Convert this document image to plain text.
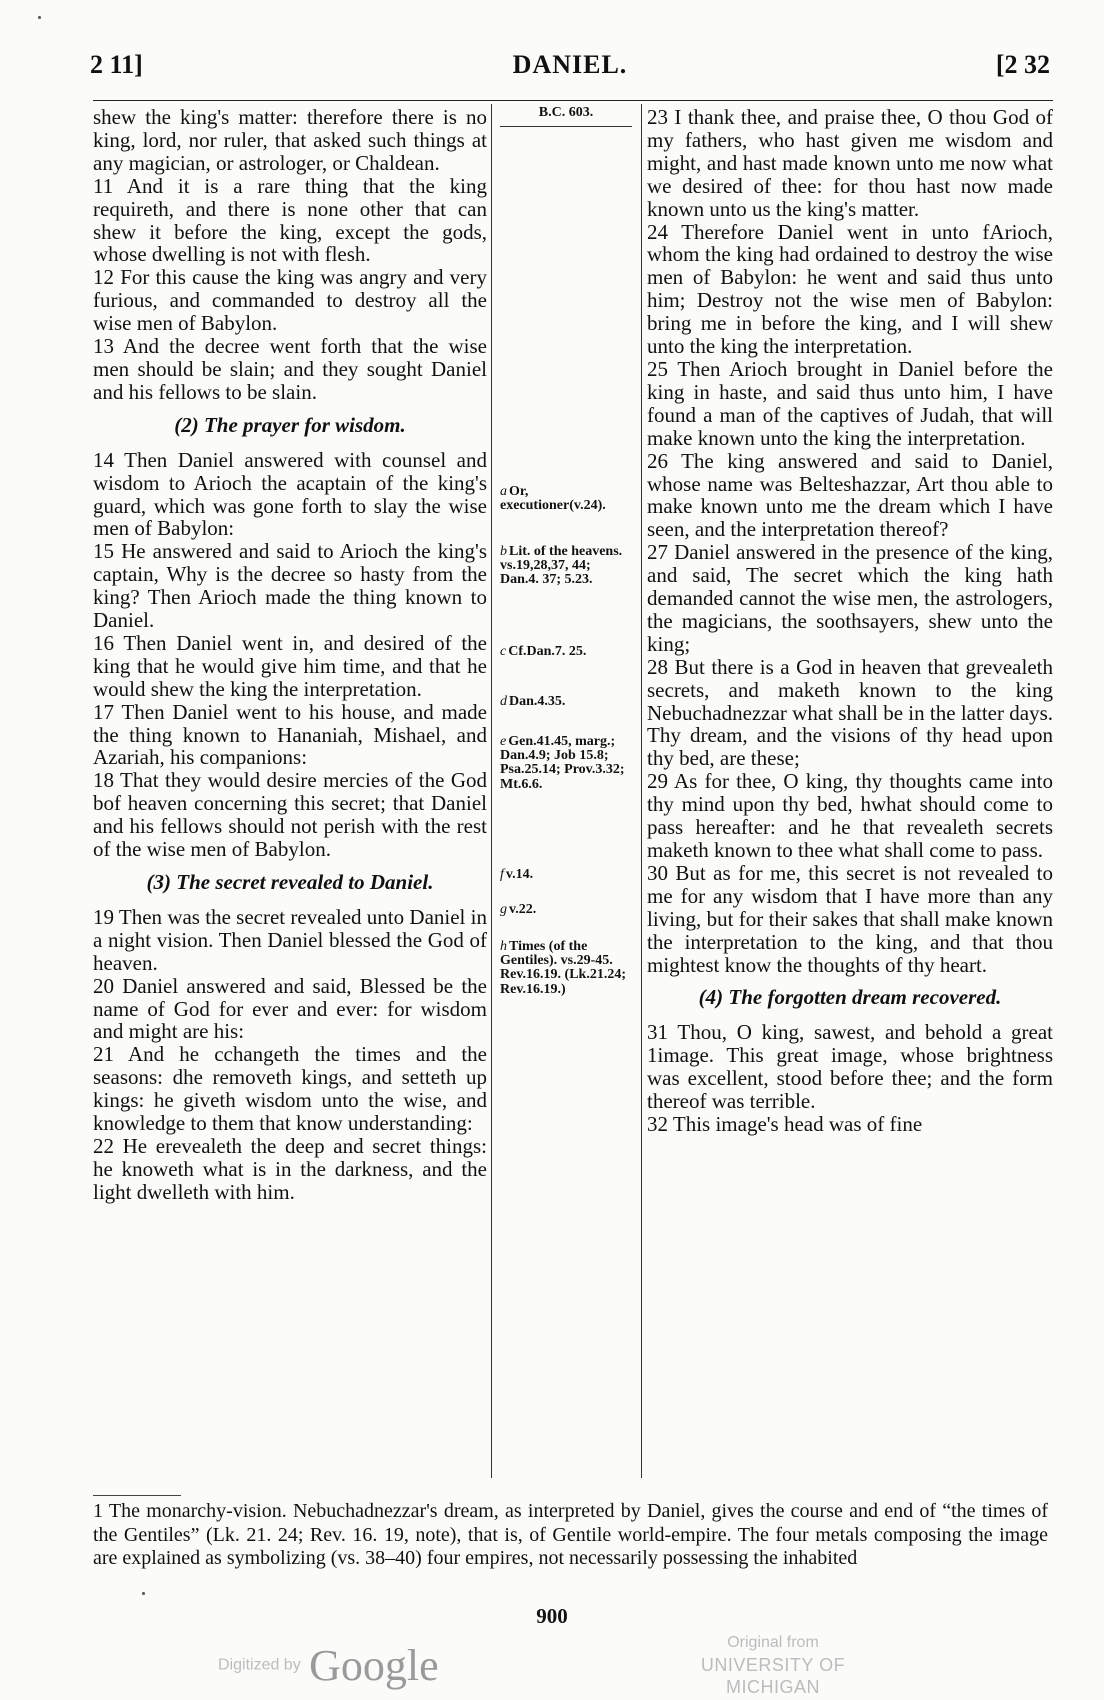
2 11]	DANIEL.	[2 32

shew the king's matter: therefore there is no king, lord, nor ruler, that asked such things at any magician, or astrologer, or Chaldean.

11 And it is a rare thing that the king requireth, and there is none other that can shew it before the king, except the gods, whose dwelling is not with flesh.

12 For this cause the king was angry and very furious, and commanded to destroy all the wise men of Babylon.

13 And the decree went forth that the wise men should be slain; and they sought Daniel and his fellows to be slain.

(2) The prayer for wisdom.

14 Then Daniel answered with counsel and wisdom to Arioch the acaptain of the king's guard, which was gone forth to slay the wise men of Babylon:

15 He answered and said to Arioch the king's captain, Why is the decree so hasty from the king? Then Arioch made the thing known to Daniel.

16 Then Daniel went in, and desired of the king that he would give him time, and that he would shew the king the interpretation.

17 Then Daniel went to his house, and made the thing known to Hananiah, Mishael, and Azariah, his companions:

18 That they would desire mercies of the God bof heaven concerning this secret; that Daniel and his fellows should not perish with the rest of the wise men of Babylon.

(3) The secret revealed to Daniel.

19 Then was the secret revealed unto Daniel in a night vision. Then Daniel blessed the God of heaven.

20 Daniel answered and said, Blessed be the name of God for ever and ever: for wisdom and might are his:

21 And he cchangeth the times and the seasons: dhe removeth kings, and setteth up kings: he giveth wisdom unto the wise, and knowledge to them that know understanding:

22 He erevealeth the deep and secret things: he knoweth what is in the darkness, and the light dwelleth with him.

B.C. 603.
a Or, executioner(v.24).
b Lit. of the heavens. vs.19,28,37, 44; Dan.4. 37; 5.23.
c Cf.Dan.7. 25.
d Dan.4.35.
e Gen.41.45, marg.; Dan.4.9; Job 15.8; Psa.25.14; Prov.3.32; Mt.6.6.
f v.14.
g v.22.
h Times (of the Gentiles). vs.29-45. Rev.16.19. (Lk.21.24; Rev.16.19.)

23 I thank thee, and praise thee, O thou God of my fathers, who hast given me wisdom and might, and hast made known unto me now what we desired of thee: for thou hast now made known unto us the king's matter.

24 Therefore Daniel went in unto fArioch, whom the king had ordained to destroy the wise men of Babylon: he went and said thus unto him; Destroy not the wise men of Babylon: bring me in before the king, and I will shew unto the king the interpretation.

25 Then Arioch brought in Daniel before the king in haste, and said thus unto him, I have found a man of the captives of Judah, that will make known unto the king the interpretation.

26 The king answered and said to Daniel, whose name was Belteshazzar, Art thou able to make known unto me the dream which I have seen, and the interpretation thereof?

27 Daniel answered in the presence of the king, and said, The secret which the king hath demanded cannot the wise men, the astrologers, the magicians, the soothsayers, shew unto the king;

28 But there is a God in heaven that grevealeth secrets, and maketh known to the king Nebuchadnezzar what shall be in the latter days. Thy dream, and the visions of thy head upon thy bed, are these;

29 As for thee, O king, thy thoughts came into thy mind upon thy bed, hwhat should come to pass hereafter: and he that revealeth secrets maketh known to thee what shall come to pass.

30 But as for me, this secret is not revealed to me for any wisdom that I have more than any living, but for their sakes that shall make known the interpretation to the king, and that thou mightest know the thoughts of thy heart.

(4) The forgotten dream recovered.

31 Thou, O king, sawest, and behold a great 1image. This great image, whose brightness was excellent, stood before thee; and the form thereof was terrible.

32 This image's head was of fine

1 The monarchy-vision. Nebuchadnezzar's dream, as interpreted by Daniel, gives the course and end of “the times of the Gentiles” (Lk. 21. 24; Rev. 16. 19, note), that is, of Gentile world-empire. The four metals composing the image are explained as symbolizing (vs. 38–40) four empires, not necessarily possessing the inhabited
900
Digitized by Google	Original from
UNIVERSITY OF MICHIGAN
